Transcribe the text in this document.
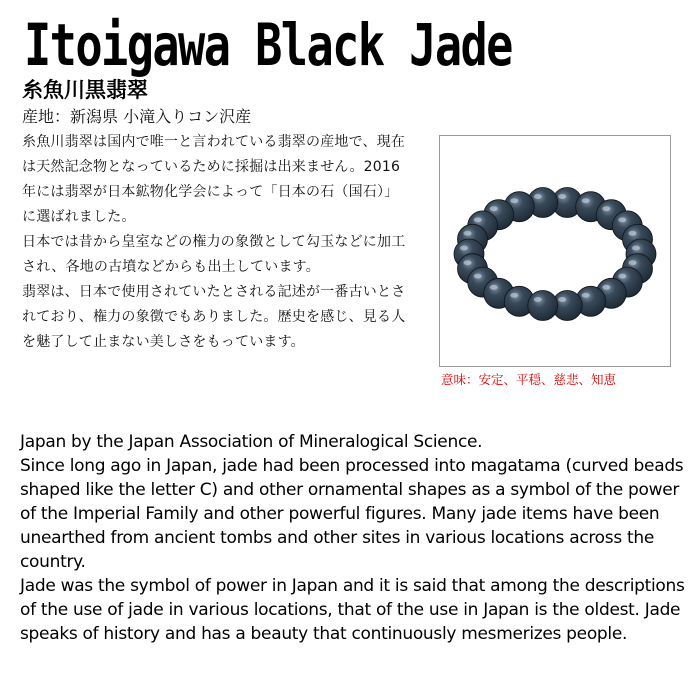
Itoigawa Black Jade
糸魚川黒翡翠
産地：新潟県 小滝入りコン沢産

糸魚川翡翠は国内で唯一と言われている翡翠の産地で、現在は天然記念物となっているために採掘は出来ません。2016 年には翡翠が日本鉱物化学会によって「日本の石（国石）」に選ばれました。

日本では昔から皇室などの権力の象徴として勾玉などに加工され、各地の古墳などからも出土しています。

翡翠は、日本で使用されていたとされる記述が一番古いとされており、権力の象徴でもありました。歴史を感じ、見る人を魅了して止まない美しさをもっています。

意味：安定、平穏、慈悲、知恵

Japan by the Japan Association of Mineralogical Science.

Since long ago in Japan, jade had been processed into magatama (curved beads shaped like the letter C) and other ornamental shapes as a symbol of the power of the Imperial Family and other powerful figures. Many jade items have been unearthed from ancient tombs and other sites in various locations across the country.

Jade was the symbol of power in Japan and it is said that among the descriptions of the use of jade in various locations, that of the use in Japan is the oldest. Jade speaks of history and has a beauty that continuously mesmerizes people.
